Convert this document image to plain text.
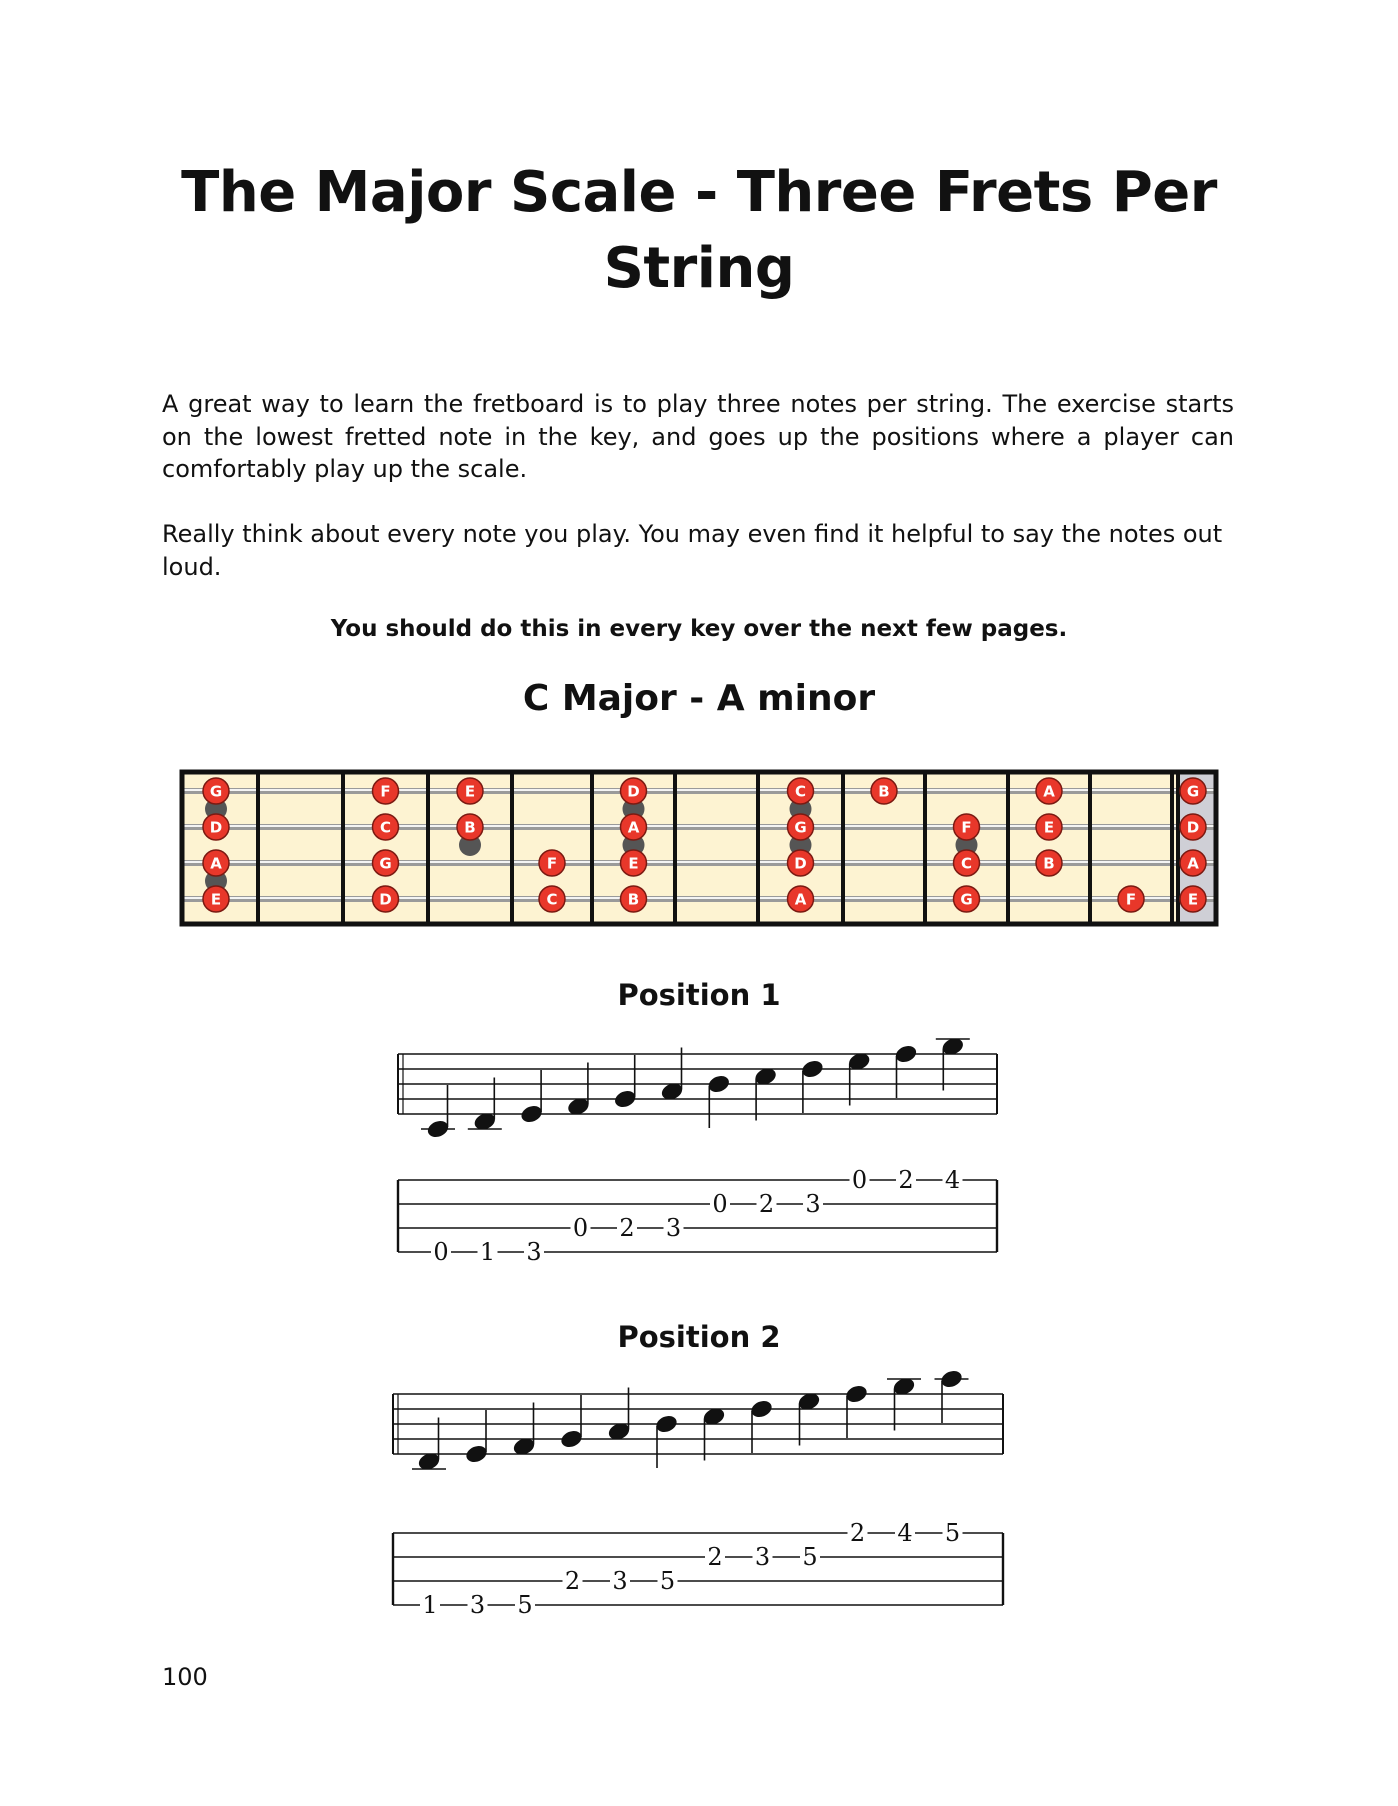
The Major Scale - Three Frets Per String

A great way to learn the fretboard is to play three notes per string. The exercise starts on the lowest fretted note in the key, and goes up the positions where a player can comfortably play up the scale.

Really think about every note you play. You may even find it helpful to say the notes out loud.

You should do this in every key over the next few pages.

C Major - A minor
G	F	E	D	C	B	A	G
D	C	B	A	G	F	E	D
A	G	F	E	D	C	B	A
E	D	C	B	A	G	F	E
Position 1
0 1 3
0 2 3
0 2 3
0 2 4
Position 2
1 3 5
2 3 5
2 3 5
2 4 5

100
